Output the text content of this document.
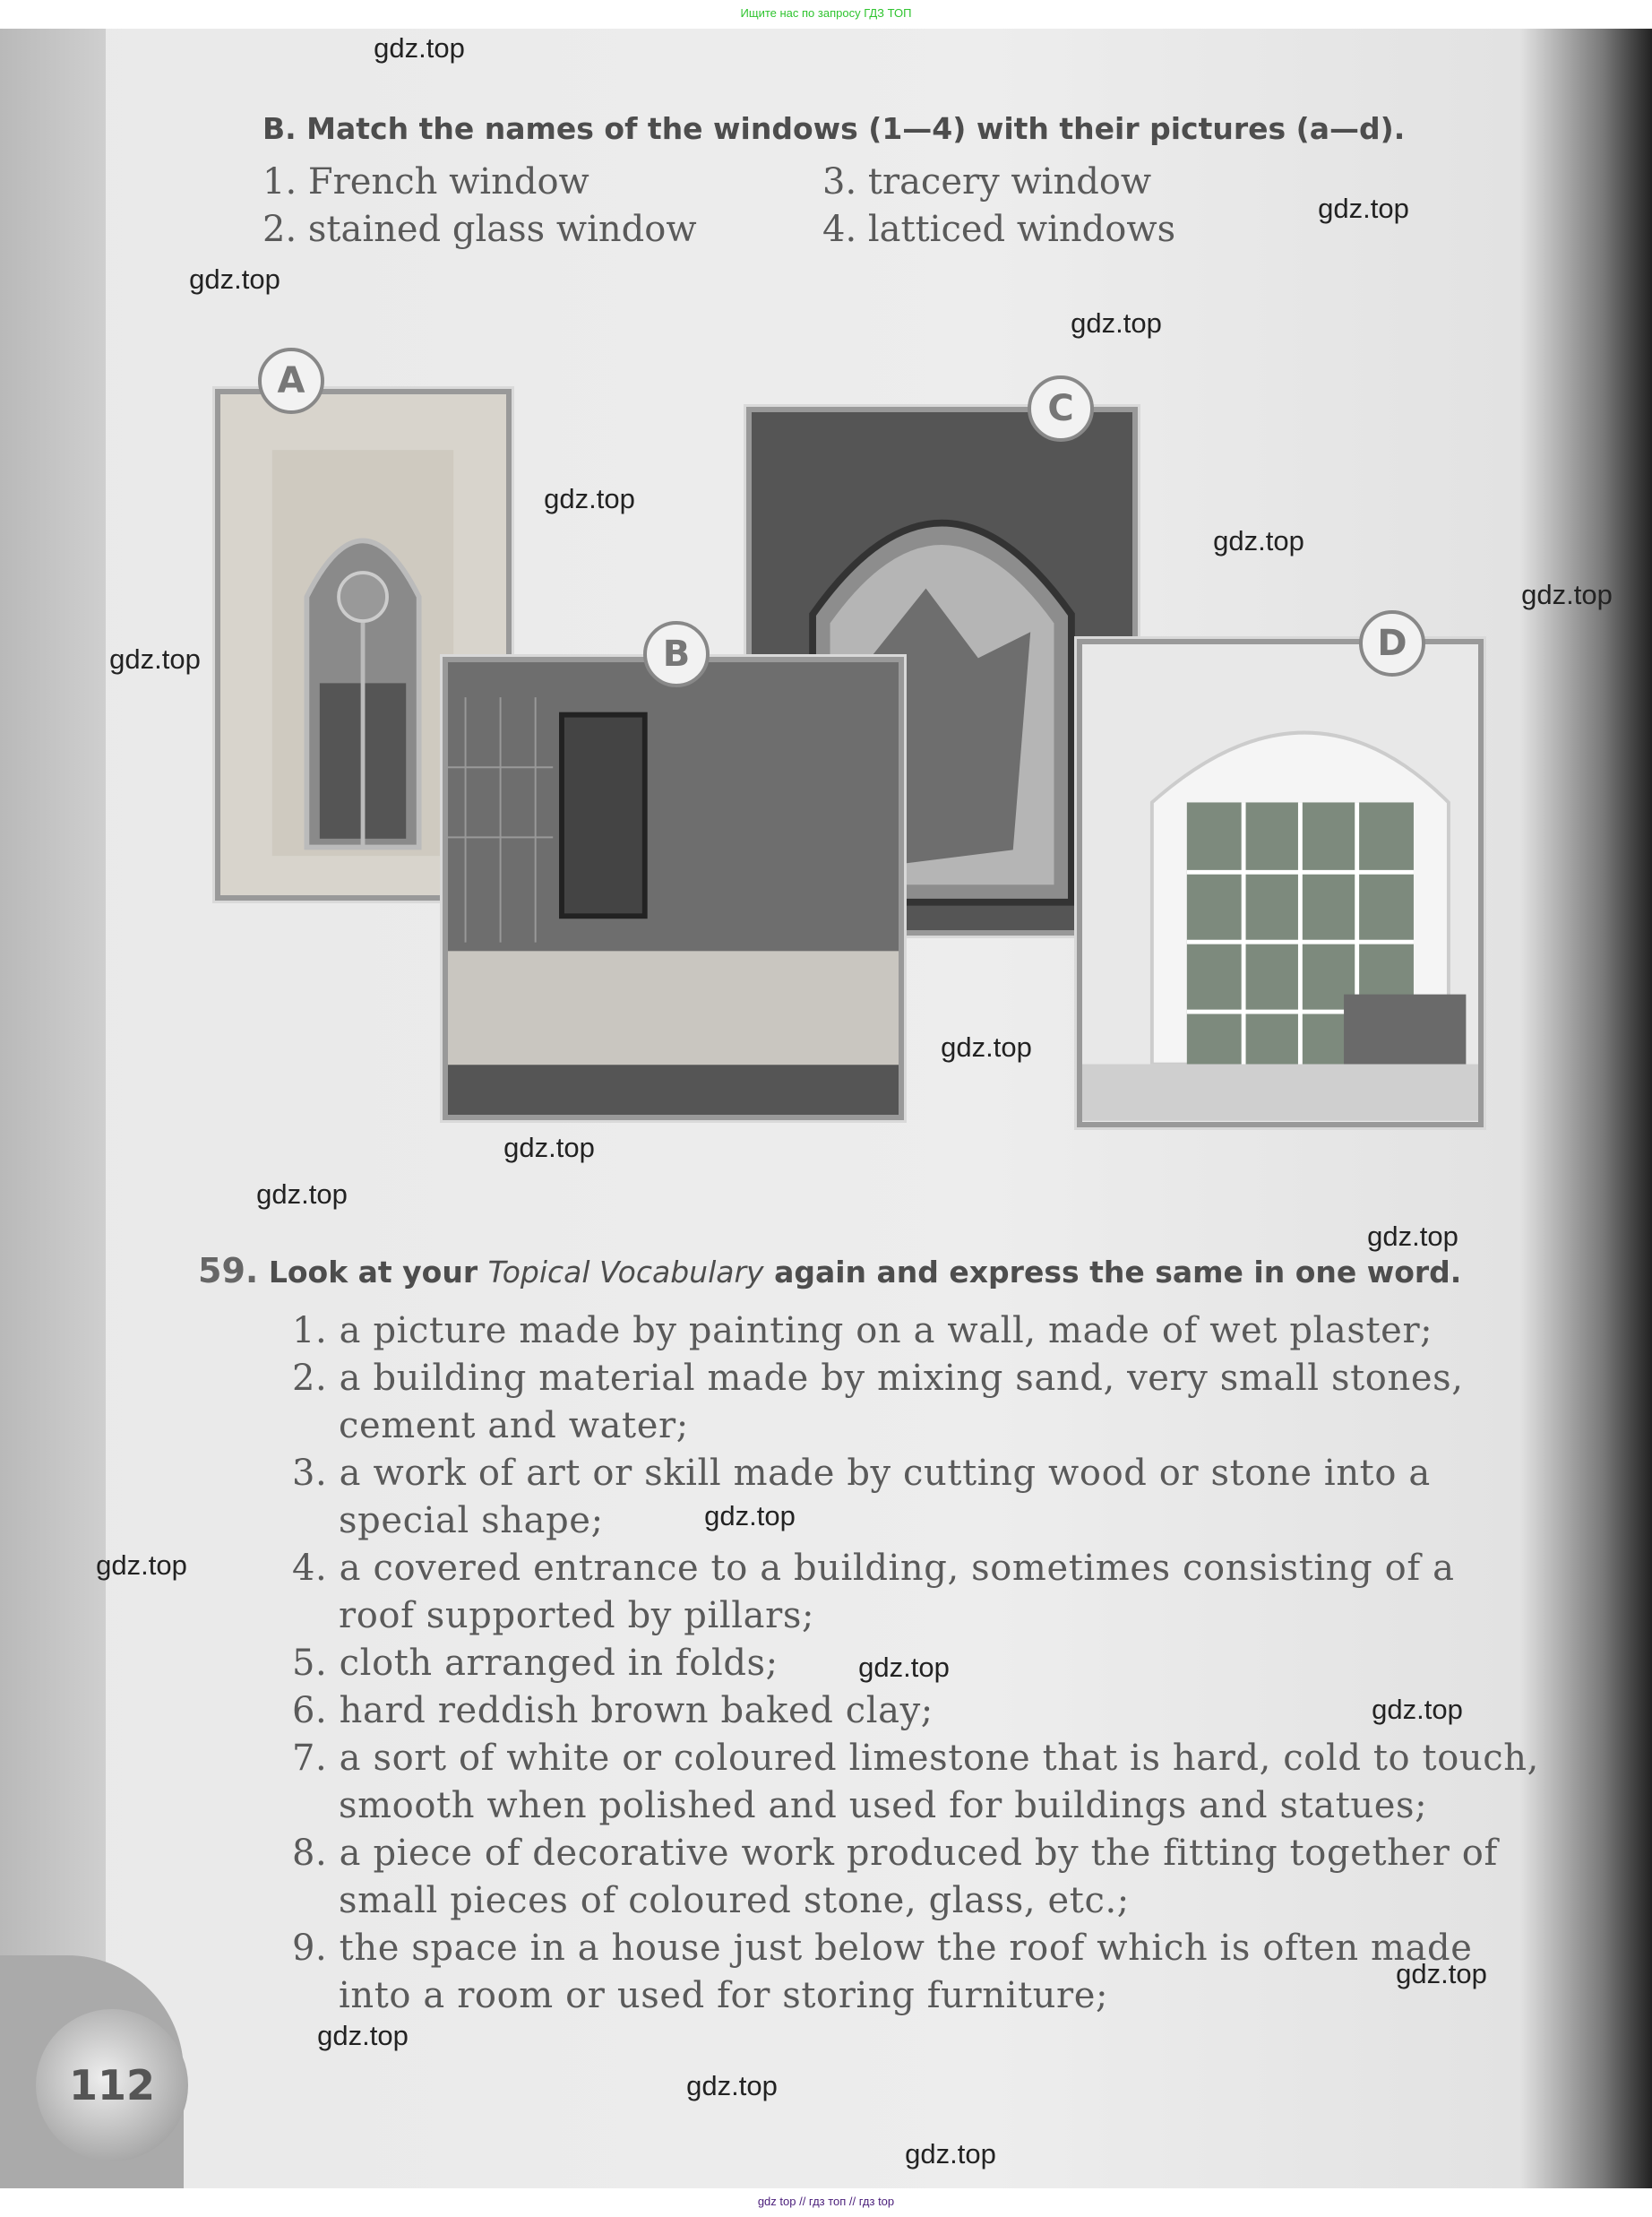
Ищите нас по запросу ГДЗ ТОП
112
B. Match the names of the windows (1—4) with their pictures (a—d).
1. French window
2. stained glass window
3. tracery window
4. latticed windows
A
B
C
D
59. Look at your Topical Vocabulary again and express the same in one word.
1. a picture made by painting on a wall, made of wet plaster;
2. a building material made by mixing sand, very small stones,
cement and water;
3. a work of art or skill made by cutting wood or stone into a
special shape;
4. a covered entrance to a building, sometimes consisting of a
roof supported by pillars;
5. cloth arranged in folds;
6. hard reddish brown baked clay;
7. a sort of white or coloured limestone that is hard, cold to touch,
smooth when polished and used for buildings and statues;
8. a piece of decorative work produced by the fitting together of
small pieces of coloured stone, glass, etc.;
9. the space in a house just below the roof which is often made
into a room or used for storing furniture;
gdz.top
gdz.top
gdz.top
gdz.top
gdz.top
gdz.top
gdz.top
gdz.top
gdz.top
gdz.top
gdz.top
gdz.top
gdz.top
gdz.top
gdz.top
gdz.top
gdz.top
gdz.top
gdz.top
gdz.top
gdz top // гдз топ // гдз top
